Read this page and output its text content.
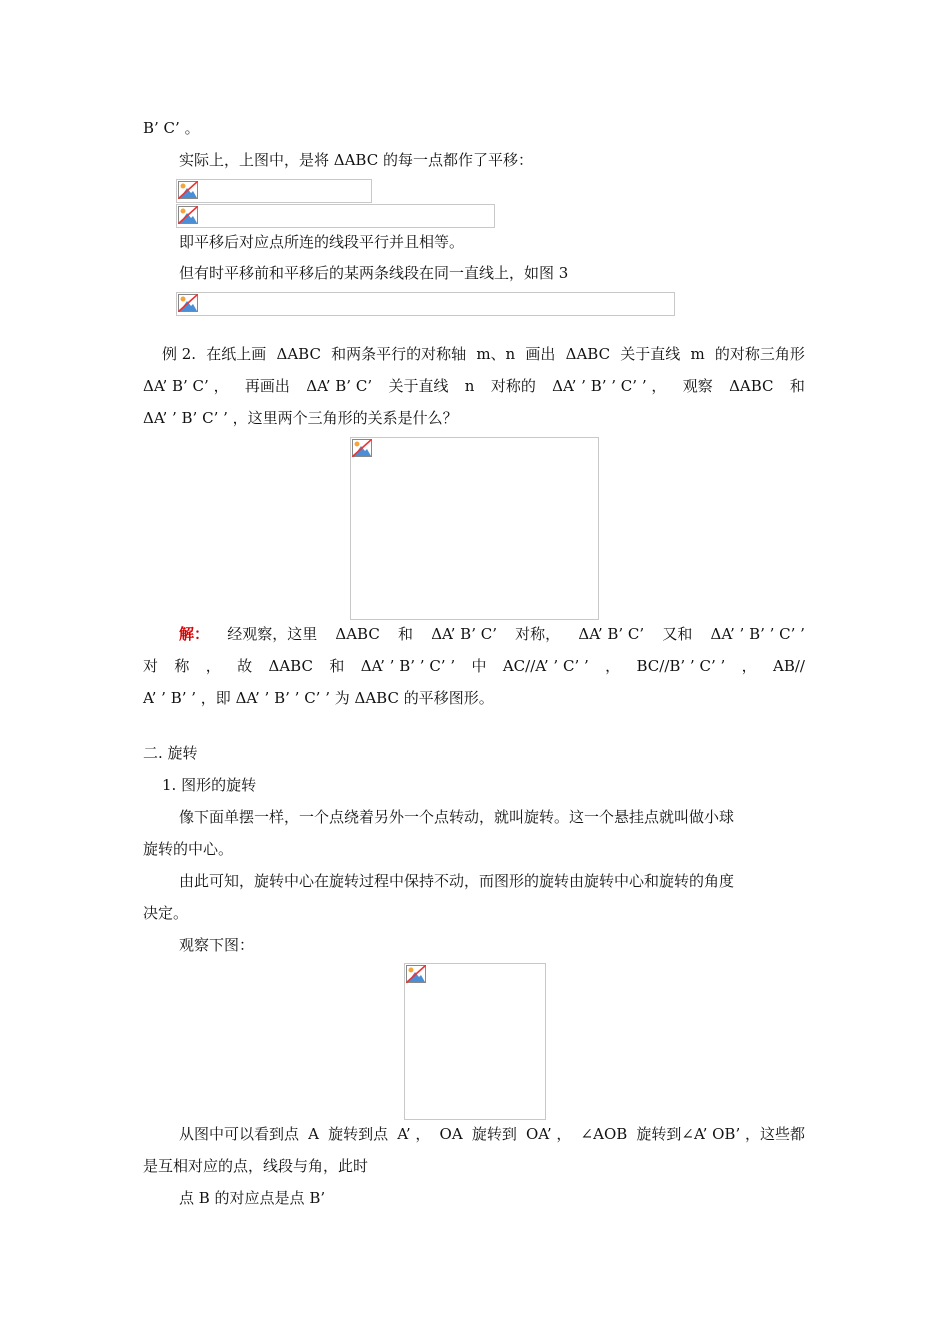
B’ C’ 。
实际上，上图中，是将 ΔABC 的每一点都作了平移：
即平移后对应点所连的线段平行并且相等。
但有时平移前和平移后的某两条线段在同一直线上，如图 3
例 2. 在纸上画 ΔABC 和两条平行的对称轴 m、n 画出 ΔABC 关于直线 m 的对称三角形
ΔA’ B’ C’ ， 再画出 ΔA’ B’ C’ 关于直线 n 对称的 ΔA’ ’ B’ ’ C’ ’ ， 观察 ΔABC 和
ΔA’ ’ B’ C’ ’ ，这里两个三角形的关系是什么？
解： 经观察，这里 ΔABC 和 ΔA’ B’ C’ 对称， ΔA’ B’ C’ 又和 ΔA’ ’ B’ ’ C’ ’
对 称 ， 故 ΔABC 和 ΔA’ ’ B’ ’ C’ ’ 中 AC//A’ ’ C’ ’ ， BC//B’ ’ C’ ’ ， AB//
A’ ’ B’ ’ ，即 ΔA’ ’ B’ ’ C’ ’ 为 ΔABC 的平移图形。
二. 旋转
1. 图形的旋转
像下面单摆一样，一个点绕着另外一个点转动，就叫旋转。这一个悬挂点就叫做小球
旋转的中心。
由此可知，旋转中心在旋转过程中保持不动，而图形的旋转由旋转中心和旋转的角度
决定。
观察下图：
从图中可以看到点 A 旋转到点 A’ ， OA 旋转到 OA’ ， ∠AOB 旋转到∠A’ OB’ ，这些都
是互相对应的点，线段与角，此时
点 B 的对应点是点 B’
